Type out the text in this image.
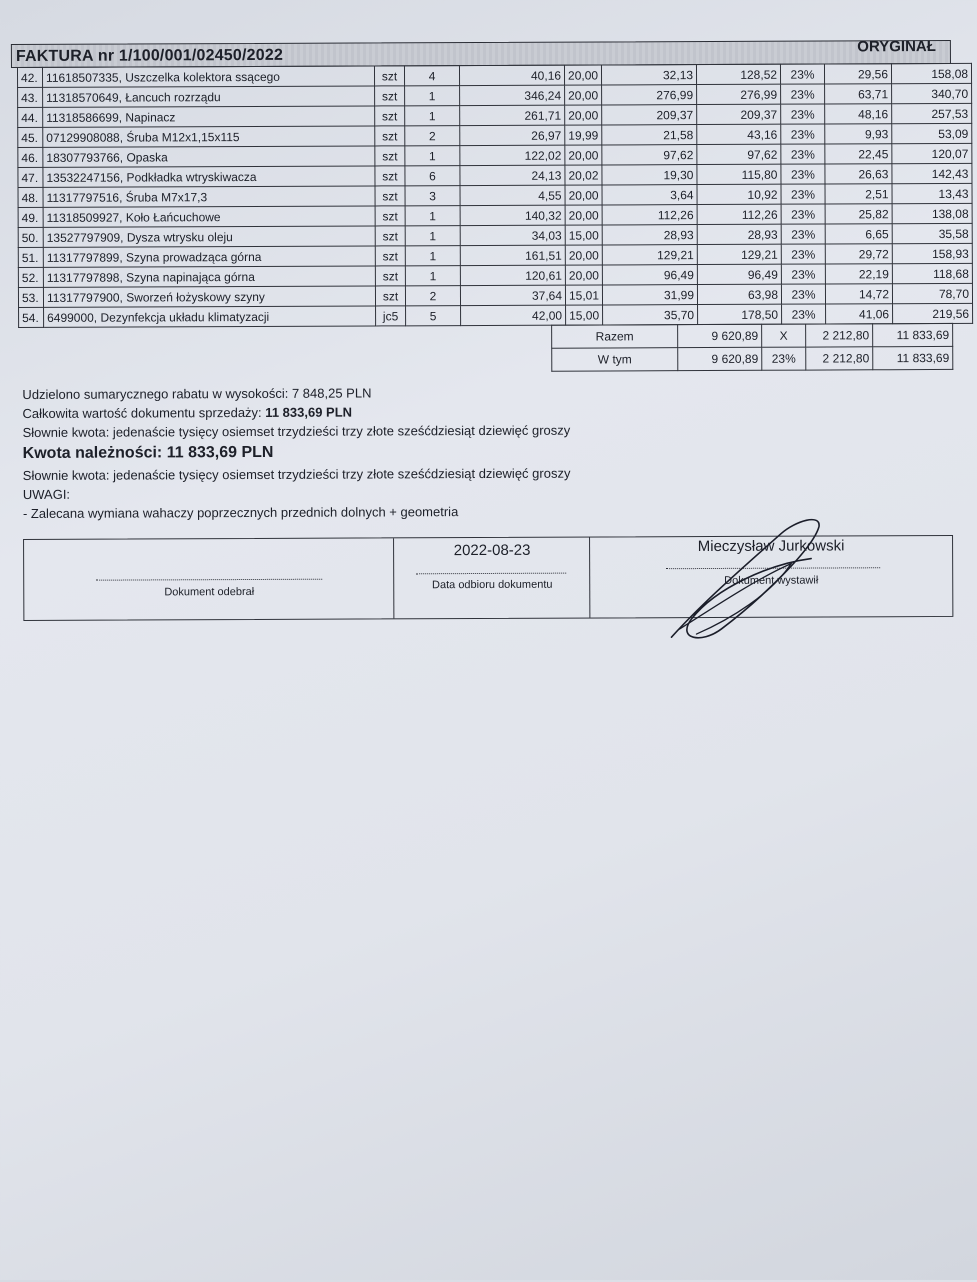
FAKTURA nr 1/100/001/02450/2022
ORYGINAŁ
42.	11618507335, Uszczelka kolektora ssącego	szt	4	40,16	20,00	32,13	128,52	23%	29,56	158,08
43.	11318570649, Łancuch rozrządu	szt	1	346,24	20,00	276,99	276,99	23%	63,71	340,70
44.	11318586699, Napinacz	szt	1	261,71	20,00	209,37	209,37	23%	48,16	257,53
45.	07129908088, Śruba M12x1,15x115	szt	2	26,97	19,99	21,58	43,16	23%	9,93	53,09
46.	18307793766, Opaska	szt	1	122,02	20,00	97,62	97,62	23%	22,45	120,07
47.	13532247156, Podkładka wtryskiwacza	szt	6	24,13	20,02	19,30	115,80	23%	26,63	142,43
48.	11317797516, Śruba M7x17,3	szt	3	4,55	20,00	3,64	10,92	23%	2,51	13,43
49.	11318509927, Koło Łańcuchowe	szt	1	140,32	20,00	112,26	112,26	23%	25,82	138,08
50.	13527797909, Dysza wtrysku oleju	szt	1	34,03	15,00	28,93	28,93	23%	6,65	35,58
51.	11317797899, Szyna prowadząca górna	szt	1	161,51	20,00	129,21	129,21	23%	29,72	158,93
52.	11317797898, Szyna napinająca górna	szt	1	120,61	20,00	96,49	96,49	23%	22,19	118,68
53.	11317797900, Sworzeń łożyskowy szyny	szt	2	37,64	15,01	31,99	63,98	23%	14,72	78,70
54.	6499000, Dezynfekcja układu klimatyzacji	jc5	5	42,00	15,00	35,70	178,50	23%	41,06	219,56
Razem	9 620,89	X	2 212,80	11 833,69
W tym	9 620,89	23%	2 212,80	11 833,69
Udzielono sumarycznego rabatu w wysokości: 7 848,25 PLN
Całkowita wartość dokumentu sprzedaży: 11 833,69 PLN
Słownie kwota: jedenaście tysięcy osiemset trzydzieści trzy złote sześćdziesiąt dziewięć groszy
Kwota należności: 11 833,69 PLN
Słownie kwota: jedenaście tysięcy osiemset trzydzieści trzy złote sześćdziesiąt dziewięć groszy
UWAGI:
- Zalecana wymiana wahaczy poprzecznych przednich dolnych + geometria
Dokument odebrał
2022-08-23
Data odbioru dokumentu
Mieczysław Jurkowski
Dokument wystawił
